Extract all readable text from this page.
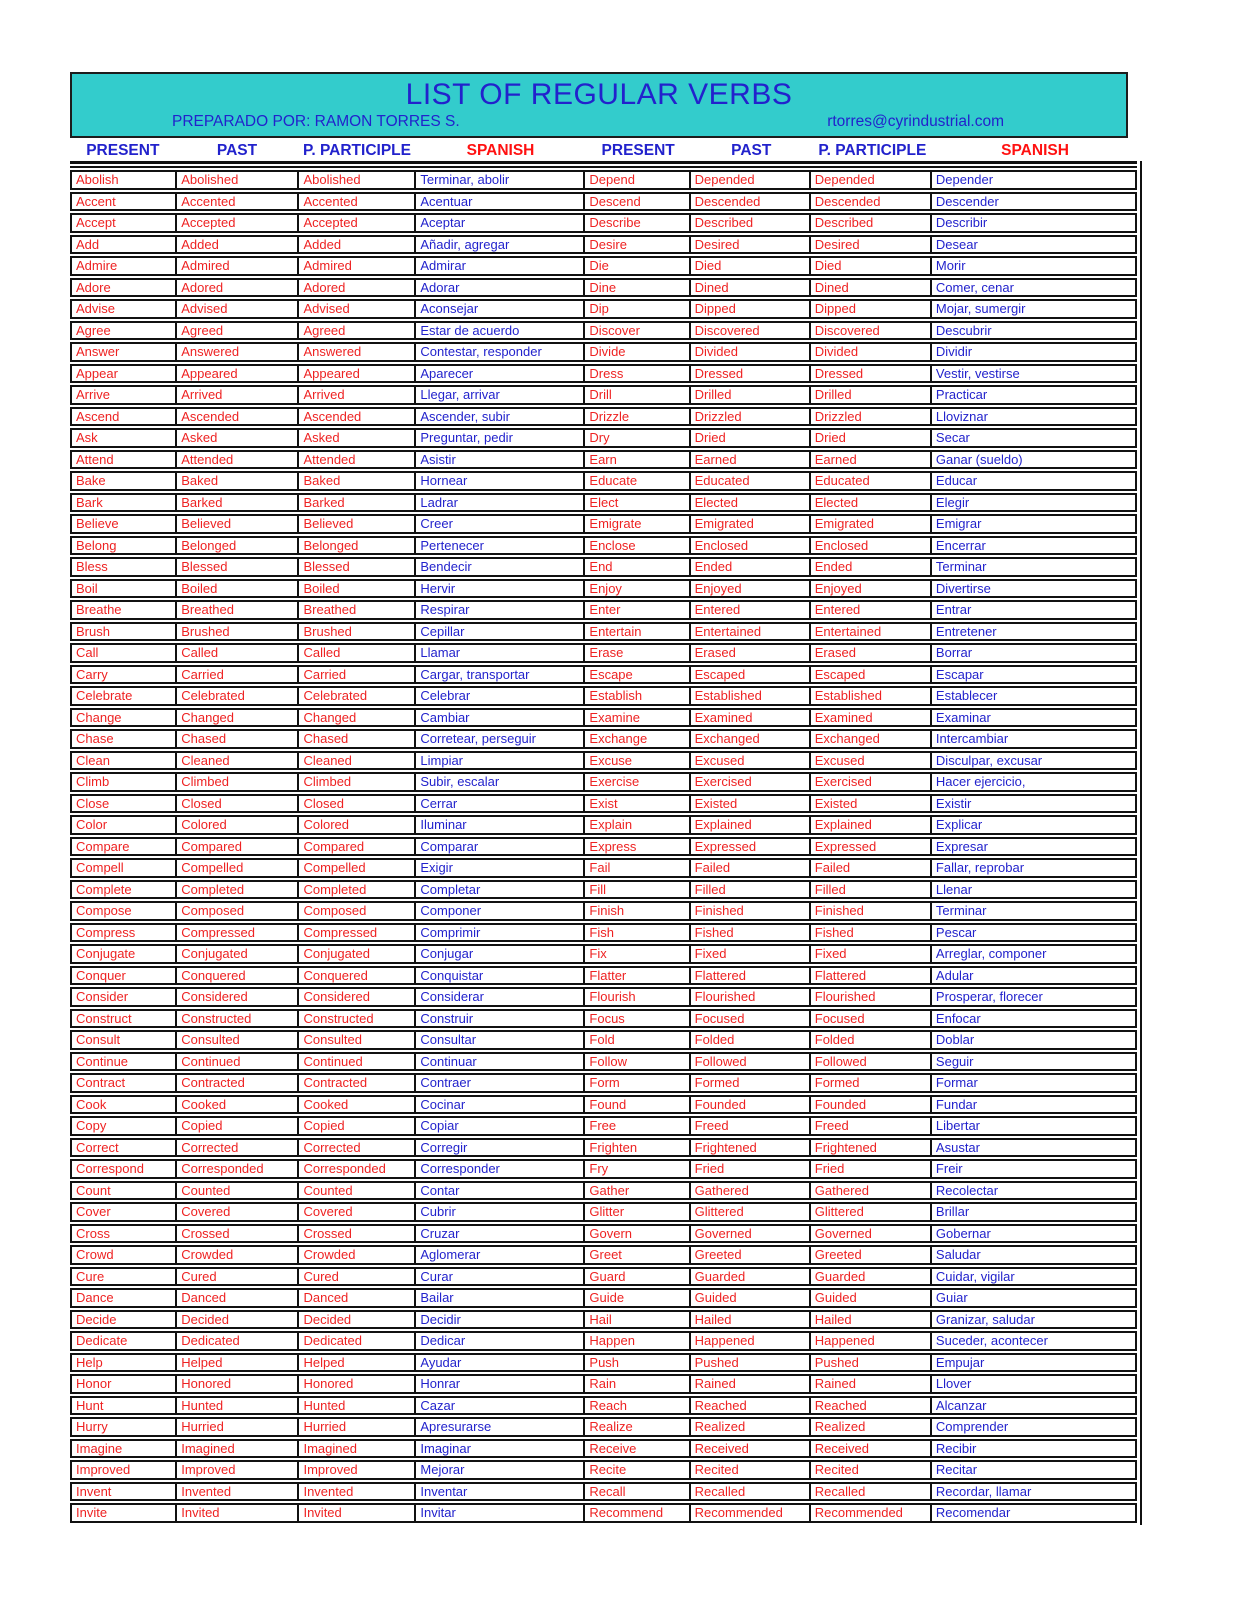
LIST OF REGULAR VERBS
PREPARADO POR: RAMON TORRES S.	rtorres@cyrindustrial.com
PRESENT	PAST	P. PARTICIPLE	SPANISH	PRESENT	PAST	P. PARTICIPLE	SPANISH
Abolish	Abolished	Abolished	Terminar, abolir	Depend	Depended	Depended	Depender
Accent	Accented	Accented	Acentuar	Descend	Descended	Descended	Descender
Accept	Accepted	Accepted	Aceptar	Describe	Described	Described	Describir
Add	Added	Added	Añadir, agregar	Desire	Desired	Desired	Desear
Admire	Admired	Admired	Admirar	Die	Died	Died	Morir
Adore	Adored	Adored	Adorar	Dine	Dined	Dined	Comer, cenar
Advise	Advised	Advised	Aconsejar	Dip	Dipped	Dipped	Mojar, sumergir
Agree	Agreed	Agreed	Estar de acuerdo	Discover	Discovered	Discovered	Descubrir
Answer	Answered	Answered	Contestar, responder	Divide	Divided	Divided	Dividir
Appear	Appeared	Appeared	Aparecer	Dress	Dressed	Dressed	Vestir, vestirse
Arrive	Arrived	Arrived	Llegar, arrivar	Drill	Drilled	Drilled	Practicar
Ascend	Ascended	Ascended	Ascender, subir	Drizzle	Drizzled	Drizzled	Lloviznar
Ask	Asked	Asked	Preguntar, pedir	Dry	Dried	Dried	Secar
Attend	Attended	Attended	Asistir	Earn	Earned	Earned	Ganar (sueldo)
Bake	Baked	Baked	Hornear	Educate	Educated	Educated	Educar
Bark	Barked	Barked	Ladrar	Elect	Elected	Elected	Elegir
Believe	Believed	Believed	Creer	Emigrate	Emigrated	Emigrated	Emigrar
Belong	Belonged	Belonged	Pertenecer	Enclose	Enclosed	Enclosed	Encerrar
Bless	Blessed	Blessed	Bendecir	End	Ended	Ended	Terminar
Boil	Boiled	Boiled	Hervir	Enjoy	Enjoyed	Enjoyed	Divertirse
Breathe	Breathed	Breathed	Respirar	Enter	Entered	Entered	Entrar
Brush	Brushed	Brushed	Cepillar	Entertain	Entertained	Entertained	Entretener
Call	Called	Called	Llamar	Erase	Erased	Erased	Borrar
Carry	Carried	Carried	Cargar, transportar	Escape	Escaped	Escaped	Escapar
Celebrate	Celebrated	Celebrated	Celebrar	Establish	Established	Established	Establecer
Change	Changed	Changed	Cambiar	Examine	Examined	Examined	Examinar
Chase	Chased	Chased	Corretear, perseguir	Exchange	Exchanged	Exchanged	Intercambiar
Clean	Cleaned	Cleaned	Limpiar	Excuse	Excused	Excused	Disculpar, excusar
Climb	Climbed	Climbed	Subir, escalar	Exercise	Exercised	Exercised	Hacer ejercicio,
Close	Closed	Closed	Cerrar	Exist	Existed	Existed	Existir
Color	Colored	Colored	Iluminar	Explain	Explained	Explained	Explicar
Compare	Compared	Compared	Comparar	Express	Expressed	Expressed	Expresar
Compell	Compelled	Compelled	Exigir	Fail	Failed	Failed	Fallar, reprobar
Complete	Completed	Completed	Completar	Fill	Filled	Filled	Llenar
Compose	Composed	Composed	Componer	Finish	Finished	Finished	Terminar
Compress	Compressed	Compressed	Comprimir	Fish	Fished	Fished	Pescar
Conjugate	Conjugated	Conjugated	Conjugar	Fix	Fixed	Fixed	Arreglar, componer
Conquer	Conquered	Conquered	Conquistar	Flatter	Flattered	Flattered	Adular
Consider	Considered	Considered	Considerar	Flourish	Flourished	Flourished	Prosperar, florecer
Construct	Constructed	Constructed	Construir	Focus	Focused	Focused	Enfocar
Consult	Consulted	Consulted	Consultar	Fold	Folded	Folded	Doblar
Continue	Continued	Continued	Continuar	Follow	Followed	Followed	Seguir
Contract	Contracted	Contracted	Contraer	Form	Formed	Formed	Formar
Cook	Cooked	Cooked	Cocinar	Found	Founded	Founded	Fundar
Copy	Copied	Copied	Copiar	Free	Freed	Freed	Libertar
Correct	Corrected	Corrected	Corregir	Frighten	Frightened	Frightened	Asustar
Correspond	Corresponded	Corresponded	Corresponder	Fry	Fried	Fried	Freir
Count	Counted	Counted	Contar	Gather	Gathered	Gathered	Recolectar
Cover	Covered	Covered	Cubrir	Glitter	Glittered	Glittered	Brillar
Cross	Crossed	Crossed	Cruzar	Govern	Governed	Governed	Gobernar
Crowd	Crowded	Crowded	Aglomerar	Greet	Greeted	Greeted	Saludar
Cure	Cured	Cured	Curar	Guard	Guarded	Guarded	Cuidar, vigilar
Dance	Danced	Danced	Bailar	Guide	Guided	Guided	Guiar
Decide	Decided	Decided	Decidir	Hail	Hailed	Hailed	Granizar, saludar
Dedicate	Dedicated	Dedicated	Dedicar	Happen	Happened	Happened	Suceder, acontecer
Help	Helped	Helped	Ayudar	Push	Pushed	Pushed	Empujar
Honor	Honored	Honored	Honrar	Rain	Rained	Rained	Llover
Hunt	Hunted	Hunted	Cazar	Reach	Reached	Reached	Alcanzar
Hurry	Hurried	Hurried	Apresurarse	Realize	Realized	Realized	Comprender
Imagine	Imagined	Imagined	Imaginar	Receive	Received	Received	Recibir
Improved	Improved	Improved	Mejorar	Recite	Recited	Recited	Recitar
Invent	Invented	Invented	Inventar	Recall	Recalled	Recalled	Recordar, llamar
Invite	Invited	Invited	Invitar	Recommend	Recommended	Recommended	Recomendar
